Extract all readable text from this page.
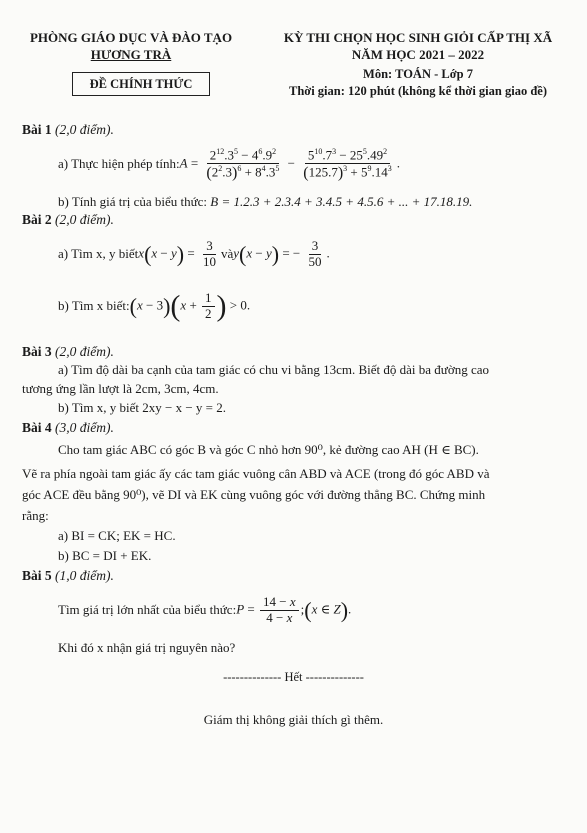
PHÒNG GIÁO DỤC VÀ ĐÀO TẠO
HƯƠNG TRÀ
ĐỀ CHÍNH THỨC
KỲ THI CHỌN HỌC SINH GIỎI CẤP THỊ XÃ
NĂM HỌC 2021 – 2022
Môn: TOÁN - Lớp 7
Thời gian: 120 phút (không kể thời gian giao đề)
Bài 1 (2,0 điểm).
a) Thực hiện phép tính: $A = \frac{2^{12}.3^5 - 4^6.9^2}{(2^2.3)^6 + 8^4.3^5} - \frac{5^{10}.7^3 - 25^5.49^2}{(125.7)^3 + 5^9.14^3}$ .
b) Tính giá trị của biểu thức: B = 1.2.3 + 2.3.4 + 3.4.5 + 4.5.6 + ... + 17.18.19.
Bài 2 (2,0 điểm).
a) Tìm x, y biết $x(x - y) = \frac{3}{10}$ và y(x − y) = − $\frac{3}{50}$ .
b) Tìm x biết: $(x - 3)(x + \frac{1}{2}$ ) > 0.
Bài 3 (2,0 điểm).
a) Tìm độ dài ba cạnh của tam giác có chu vi bằng 13cm. Biết độ dài ba đường cao
tương ứng lần lượt là 2cm, 3cm, 4cm.
b) Tìm x, y biết 2xy − x − y = 2.
Bài 4 (3,0 điểm).
Cho tam giác ABC có góc B và góc C nhỏ hơn 90⁰, kẻ đường cao AH (H ∈ BC).
Vẽ ra phía ngoài tam giác ấy các tam giác vuông cân ABD và ACE (trong đó góc ABD và
góc ACE đều bằng 90⁰), vẽ DI và EK cùng vuông góc với đường thẳng BC. Chứng minh
rằng:
a) BI = CK; EK = HC.
b) BC = DI + EK.
Bài 5 (1,0 điểm).
Tìm giá trị lớn nhất của biểu thức: $P = \frac{14 - x}{4 - x}$ ;(x ∈ Z).
Khi đó x nhận giá trị nguyên nào?
-------------- Hết --------------
Giám thị không giải thích gì thêm.
